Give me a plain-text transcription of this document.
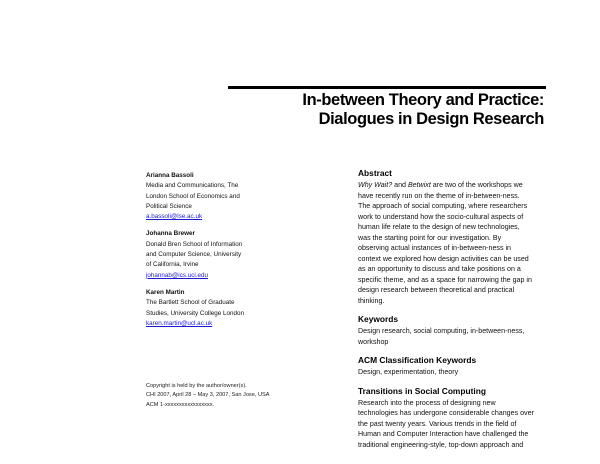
In-between Theory and Practice:
Dialogues in Design Research
Arianna Bassoli
Media and Communications, The
London School of Economics and
Political Science
a.bassoli@lse.ac.uk
Johanna Brewer
Donald Bren School of Information
and Computer Science, University
of California, Irvine
johannab@ics.uci.edu
Karen Martin
The Bartlett School of Graduate
Studies, University College London
karen.martin@ucl.ac.uk
Copyright is held by the author/owner(s).
CHI 2007, April 28 – May 3, 2007, San Jose, USA
ACM 1-xxxxxxxxxxxxxxxxx.
Abstract
Why Wait? and Betwixt are two of the workshops we
have recently run on the theme of in-between-ness.
The approach of social computing, where researchers
work to understand how the socio-cultural aspects of
human life relate to the design of new technologies,
was the starting point for our investigation. By
observing actual instances of in-between-ness in
context we explored how design activities can be used
as an opportunity to discuss and take positions on a
specific theme, and as a space for narrowing the gap in
design research between theoretical and practical
thinking.
Keywords
Design research, social computing, in-between-ness,
workshop
ACM Classification Keywords
Design, experimentation, theory
Transitions in Social Computing
Research into the process of designing new
technologies has undergone considerable changes over
the past twenty years. Various trends in the field of
Human and Computer Interaction have challenged the
traditional engineering-style, top-down approach and
